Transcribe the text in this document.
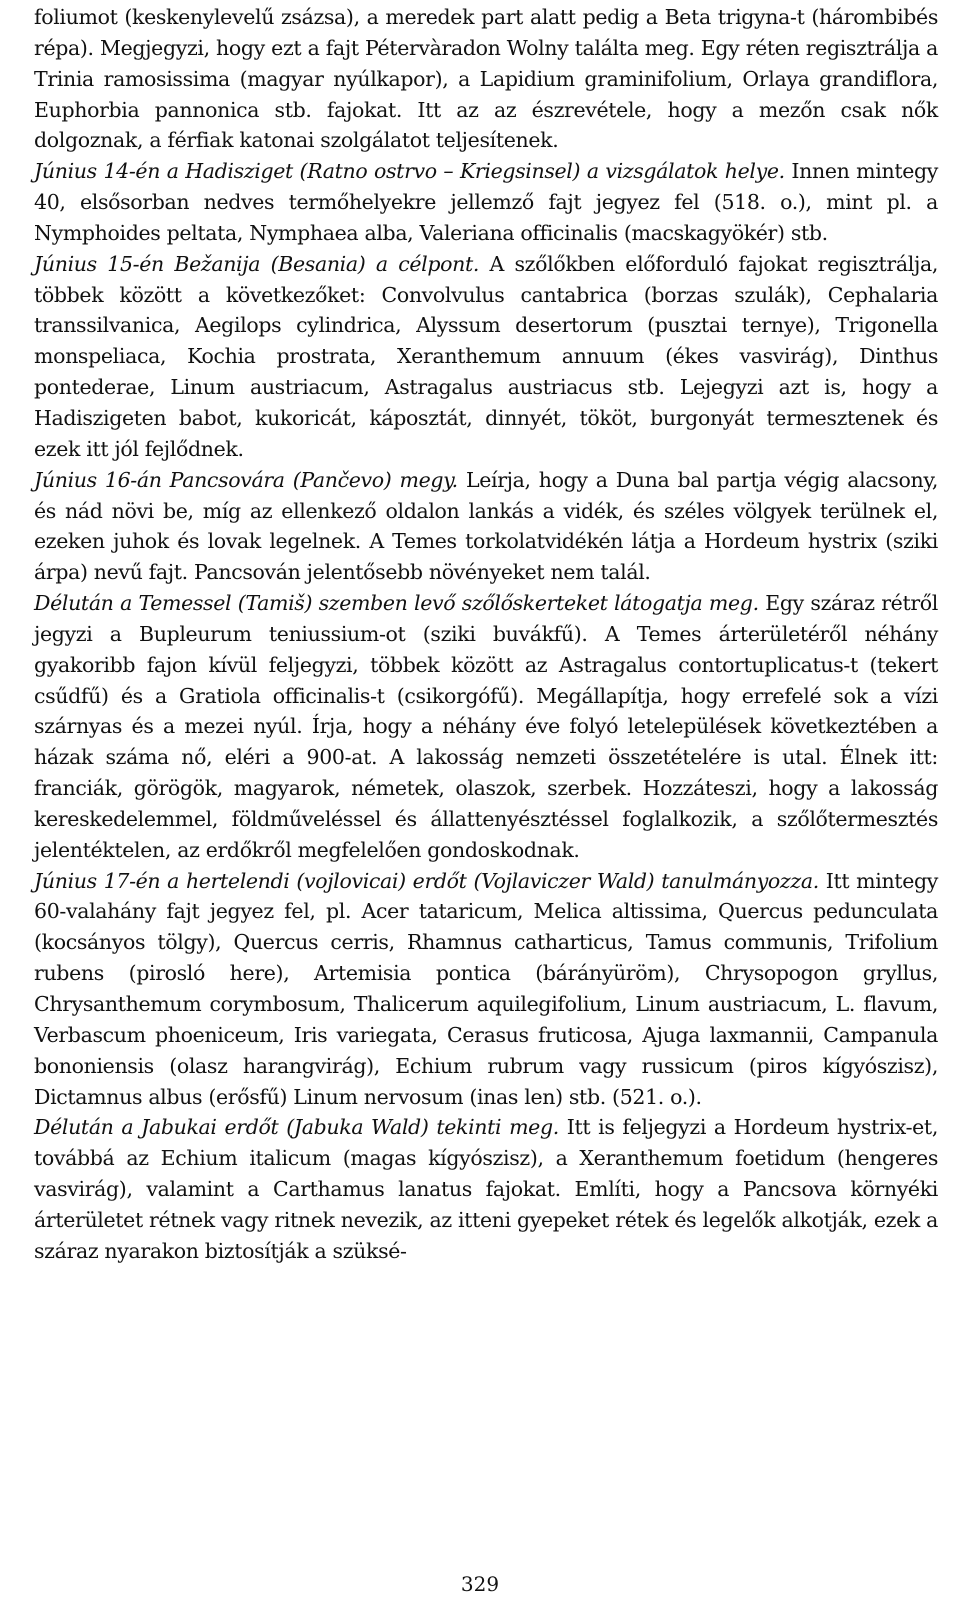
foliumot (keskenylevelű zsázsa), a meredek part alatt pedig a Beta trigyna-t (hárombibés répa). Megjegyzi, hogy ezt a fajt Pétervàradon Wolny találta meg. Egy réten regisztrálja a Trinia ramosissima (magyar nyúlkapor), a Lapidium graminifolium, Orlaya grandiflora, Euphorbia pannonica stb. fajokat. Itt az az észrevétele, hogy a mezőn csak nők dolgoznak, a férfiak katonai szolgálatot teljesítenek.

Június 14-én a Hadisziget (Ratno ostrvo – Kriegsinsel) a vizsgálatok helye. Innen mintegy 40, elsősorban nedves termőhelyekre jellemző fajt jegyez fel (518. o.), mint pl. a Nymphoides peltata, Nymphaea alba, Valeriana officinalis (macskagyökér) stb.

Június 15-én Bežanija (Besania) a célpont. A szőlőkben előforduló fajokat regisztrálja, többek között a következőket: Convolvulus cantabrica (borzas szulák), Cephalaria transsilvanica, Aegilops cylindrica, Alyssum desertorum (pusztai ternye), Trigonella monspeliaca, Kochia prostrata, Xeranthemum annuum (ékes vasvirág), Dinthus pontederae, Linum austriacum, Astragalus austriacus stb. Lejegyzi azt is, hogy a Hadiszigeten babot, kukoricát, káposztát, dinnyét, tököt, burgonyát termesztenek és ezek itt jól fejlődnek.

Június 16-án Pancsovára (Pančevo) megy. Leírja, hogy a Duna bal partja végig alacsony, és nád növi be, míg az ellenkező oldalon lankás a vidék, és széles völgyek terülnek el, ezeken juhok és lovak legelnek. A Temes torkolatvidékén látja a Hordeum hystrix (sziki árpa) nevű fajt. Pancsován jelentősebb növényeket nem talál.

Délután a Temessel (Tamiš) szemben levő szőlőskerteket látogatja meg. Egy száraz rétről jegyzi a Bupleurum teniussium-ot (sziki buvákfű). A Temes árterületéről néhány gyakoribb fajon kívül feljegyzi, többek között az Astragalus contortuplicatus-t (tekert csűdfű) és a Gratiola officinalis-t (csikorgófű). Megállapítja, hogy errefelé sok a vízi szárnyas és a mezei nyúl. Írja, hogy a néhány éve folyó letelepülések következtében a házak száma nő, eléri a 900-at. A lakosság nemzeti összetételére is utal. Élnek itt: franciák, görögök, magyarok, németek, olaszok, szerbek. Hozzáteszi, hogy a lakosság kereskedelemmel, földműveléssel és állattenyésztéssel foglalkozik, a szőlőtermesztés jelentéktelen, az erdőkről megfelelően gondoskodnak.

Június 17-én a hertelendi (vojlovicai) erdőt (Vojlaviczer Wald) tanulmányozza. Itt mintegy 60-valahány fajt jegyez fel, pl. Acer tataricum, Melica altissima, Quercus pedunculata (kocsányos tölgy), Quercus cerris, Rhamnus catharticus, Tamus communis, Trifolium rubens (piroslό here), Artemisia pontica (bárányüröm), Chrysopogon gryllus, Chrysanthemum corymbosum, Thalicerum aquilegifolium, Linum austriacum, L. flavum, Verbascum phoeniceum, Iris variegata, Cerasus fruticosa, Ajuga laxmannii, Campanula bononiensis (olasz harangvirág), Echium rubrum vagy russicum (piros kígyószisz), Dictamnus albus (erősfű) Linum nervosum (inas len) stb. (521. o.).

Délután a Jabukai erdőt (Jabuka Wald) tekinti meg. Itt is feljegyzi a Hordeum hystrix-et, továbbá az Echium italicum (magas kígyószisz), a Xeranthemum foetidum (hengeres vasvirág), valamint a Carthamus lanatus fajokat. Említi, hogy a Pancsova környéki árterületet rétnek vagy ritnek nevezik, az itteni gyepeket rétek és legelők alkotják, ezek a száraz nyarakon biztosítják a szüksé-

329
